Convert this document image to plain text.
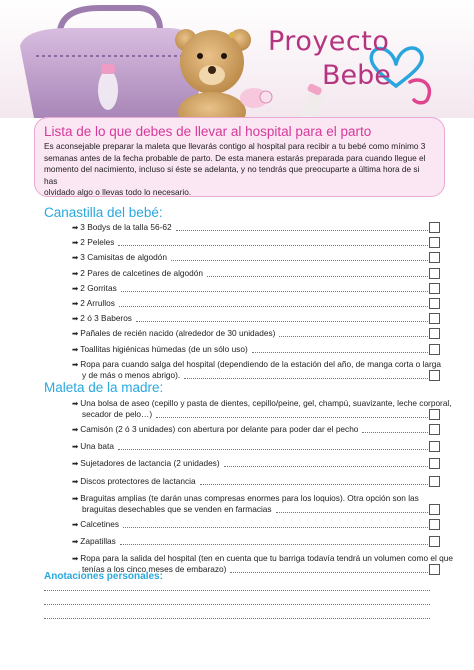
Proyecto
Bebe
Lista de lo que debes de llevar al hospital para el parto
Es aconsejable preparar la maleta que llevarás contigo al hospital para recibir a tu bebé como mínimo 3
semanas antes de la fecha probable de parto. De esta manera estarás preparada para cuando llegue el
momento del nacimiento, incluso si éste se adelanta, y no tendrás que preocuparte a última hora de si has
olvidado algo o llevas todo lo necesario.
Canastilla del bebé:
➡ 3 Bodys de la talla 56-62
➡ 2 Peleles
➡ 3 Camisitas de algodón
➡ 2 Pares de calcetines de algodón
➡ 2 Gorritas
➡ 2 Arrullos
➡ 2 ó 3 Baberos
➡ Pañales de recién nacido (alrededor de 30 unidades)
➡ Toallitas higiénicas húmedas (de un sólo uso)
➡ Ropa para cuando salga del hospital (dependiendo de la estación del año, de manga corta o larga
y de más o menos abrigo).
Maleta de la madre:
➡ Una bolsa de aseo (cepillo y pasta de dientes, cepillo/peine, gel, champú, suavizante, leche corporal,
secador de pelo…)
➡ Camisón (2 ó 3 unidades) con abertura por delante para poder dar el pecho
➡ Una bata
➡ Sujetadores de lactancia (2 unidades)
➡ Discos protectores de lactancia
➡ Braguitas amplias (te darán unas compresas enormes para los loquios). Otra opción son las
braguitas desechables que se venden en farmacias
➡ Calcetines
➡ Zapatillas
➡ Ropa para la salida del hospital (ten en cuenta que tu barriga todavía tendrá un volumen como el que
tenías a los cinco meses de embarazo)
Anotaciones personales:
